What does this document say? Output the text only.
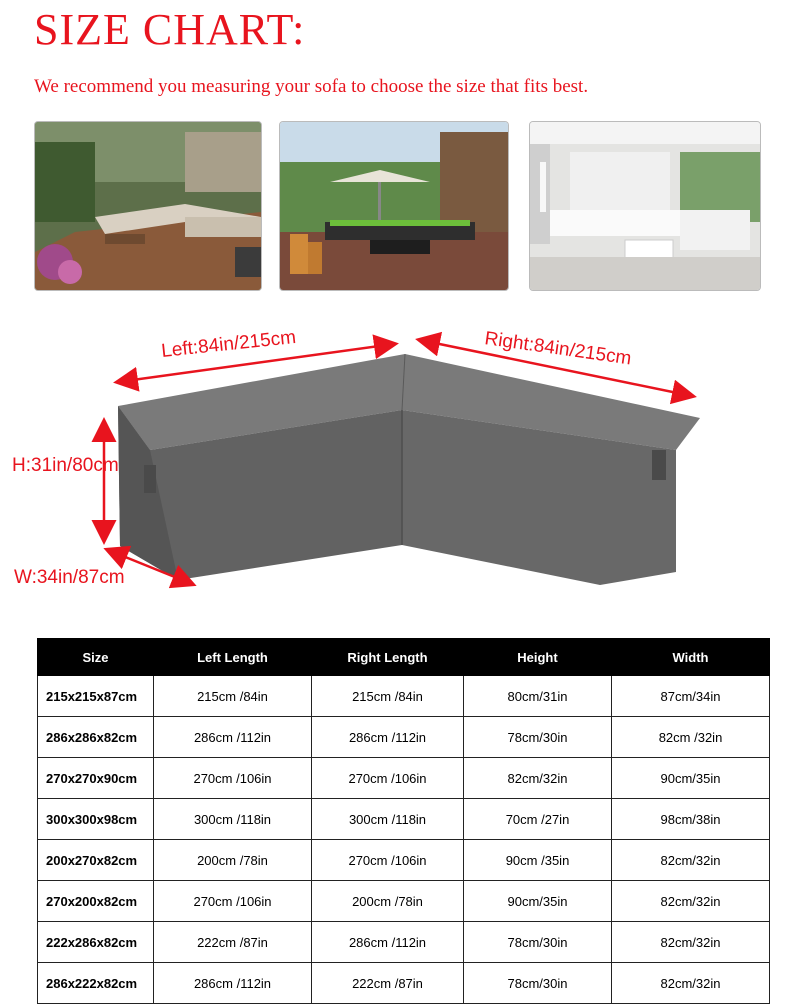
SIZE CHART:
We recommend you measuring your sofa to choose the size that fits best.
Left:84in/215cm	Right:84in/215cm
H:31in/80cm
W:34in/87cm
Size	Left Length	Right Length	Height	Width
215x215x87cm	215cm /84in	215cm /84in	80cm/31in	87cm/34in
286x286x82cm	286cm /112in	286cm /112in	78cm/30in	82cm /32in
270x270x90cm	270cm /106in	270cm /106in	82cm/32in	90cm/35in
300x300x98cm	300cm /118in	300cm /118in	70cm /27in	98cm/38in
200x270x82cm	200cm /78in	270cm /106in	90cm /35in	82cm/32in
270x200x82cm	270cm /106in	200cm /78in	90cm/35in	82cm/32in
222x286x82cm	222cm /87in	286cm /112in	78cm/30in	82cm/32in
286x222x82cm	286cm /112in	222cm /87in	78cm/30in	82cm/32in
